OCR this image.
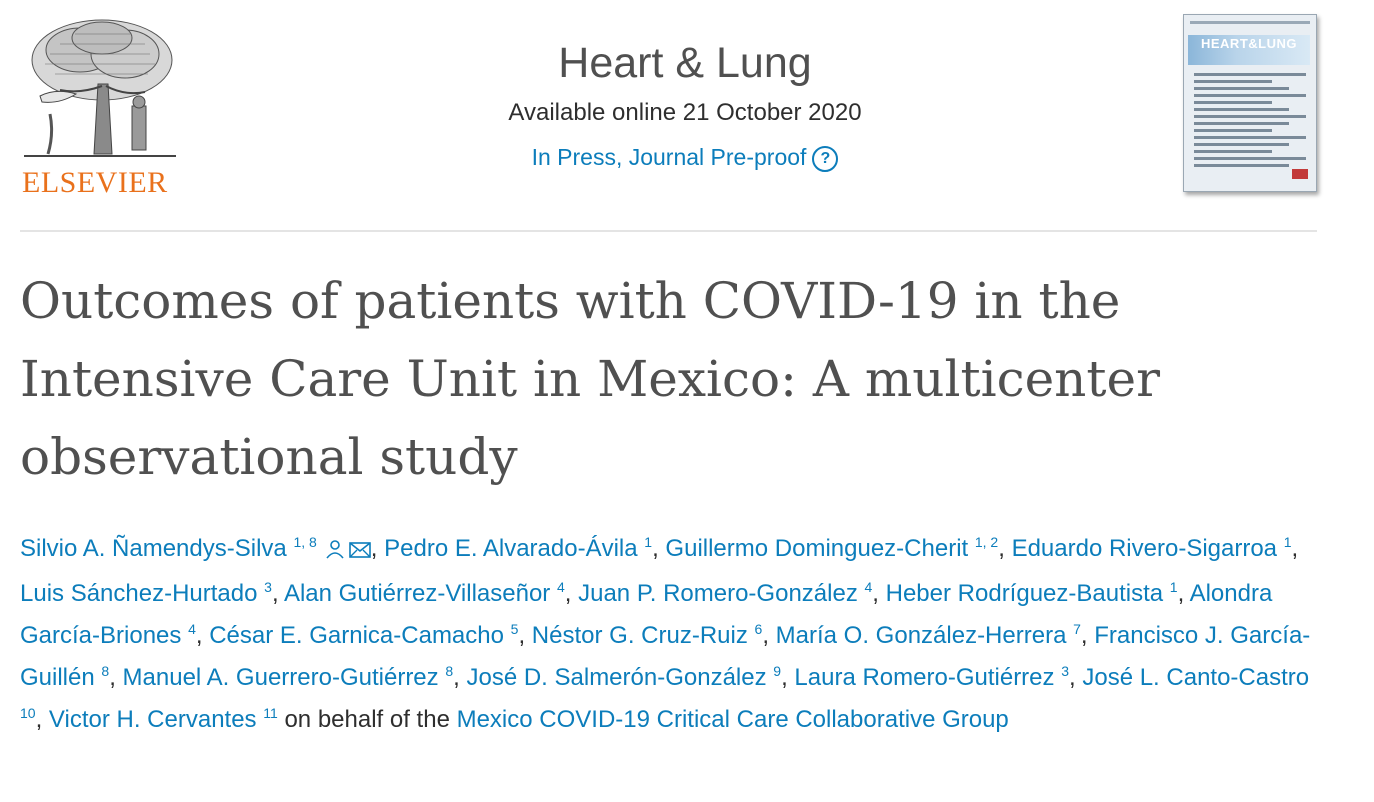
ELSEVIER
Heart & Lung
Available online 21 October 2020
In Press, Journal Pre-proof ?
HEART&LUNG
Outcomes of patients with COVID-19 in the Intensive Care Unit in Mexico: A multicenter observational study
Silvio A. Ñamendys-Silva $^{1, 8}$ , Pedro E. Alvarado-Ávila $^1$, Guillermo Dominguez-Cherit $^{1, 2}$, Eduardo Rivero-Sigarroa $^1$, Luis Sánchez-Hurtado $^3$, Alan Gutiérrez-Villaseñor $^4$, Juan P. Romero-González $^4$, Heber Rodríguez-Bautista $^1$, Alondra García-Briones $^4$, César E. Garnica-Camacho $^5$, Néstor G. Cruz-Ruiz $^6$, María O. González-Herrera $^7$, Francisco J. García-Guillén $^8$, Manuel A. Guerrero-Gutiérrez $^8$, José D. Salmerón-González $^9$, Laura Romero-Gutiérrez $^3$, José L. Canto-Castro $^{10}$, Victor H. Cervantes $^{11}$ on behalf of the Mexico COVID-19 Critical Care Collaborative Group
